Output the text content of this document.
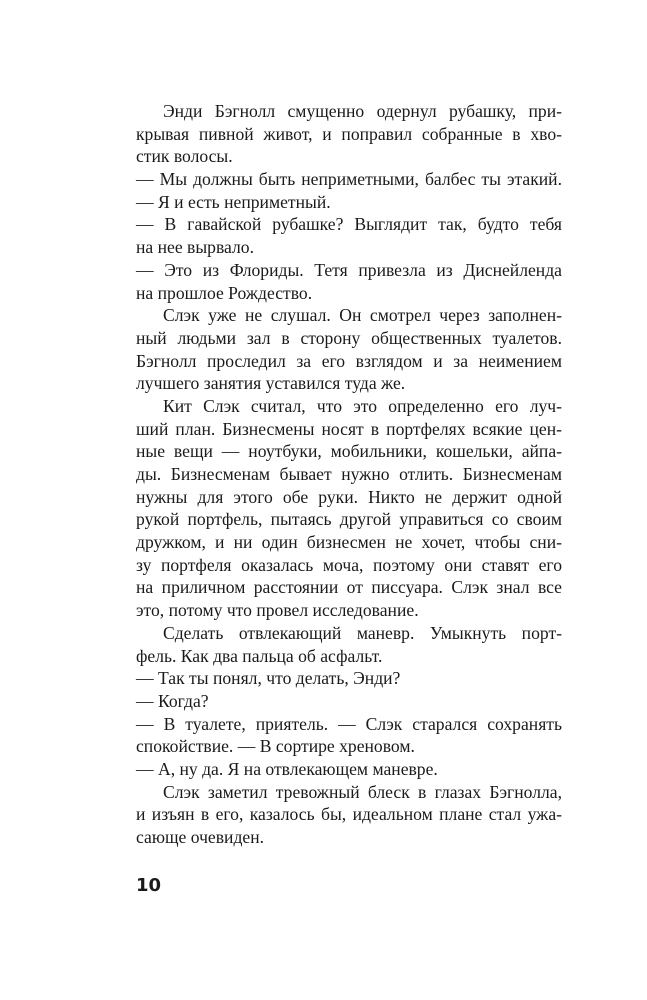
Энди Бэгнолл смущенно одернул рубашку, при-
крывая пивной живот, и поправил собранные в хво-
стик волосы.
— Мы должны быть неприметными, балбес ты этакий.
— Я и есть неприметный.
— В гавайской рубашке? Выглядит так, будто тебя
на нее вырвало.
— Это из Флориды. Тетя привезла из Диснейленда
на прошлое Рождество.
Слэк уже не слушал. Он смотрел через заполнен-
ный людьми зал в сторону общественных туалетов.
Бэгнолл проследил за его взглядом и за неимением
лучшего занятия уставился туда же.
Кит Слэк считал, что это определенно его луч-
ший план. Бизнесмены носят в портфелях всякие цен-
ные вещи — ноутбуки, мобильники, кошельки, айпа-
ды. Бизнесменам бывает нужно отлить. Бизнесменам
нужны для этого обе руки. Никто не держит одной
рукой портфель, пытаясь другой управиться со своим
дружком, и ни один бизнесмен не хочет, чтобы сни-
зу портфеля оказалась моча, поэтому они ставят его
на приличном расстоянии от писсуара. Слэк знал все
это, потому что провел исследование.
Сделать отвлекающий маневр. Умыкнуть порт-
фель. Как два пальца об асфальт.
— Так ты понял, что делать, Энди?
— Когда?
— В туалете, приятель. — Слэк старался сохранять
спокойствие. — В сортире хреновом.
— А, ну да. Я на отвлекающем маневре.
Слэк заметил тревожный блеск в глазах Бэгнолла,
и изъян в его, казалось бы, идеальном плане стал ужа-
сающе очевиден.
10
